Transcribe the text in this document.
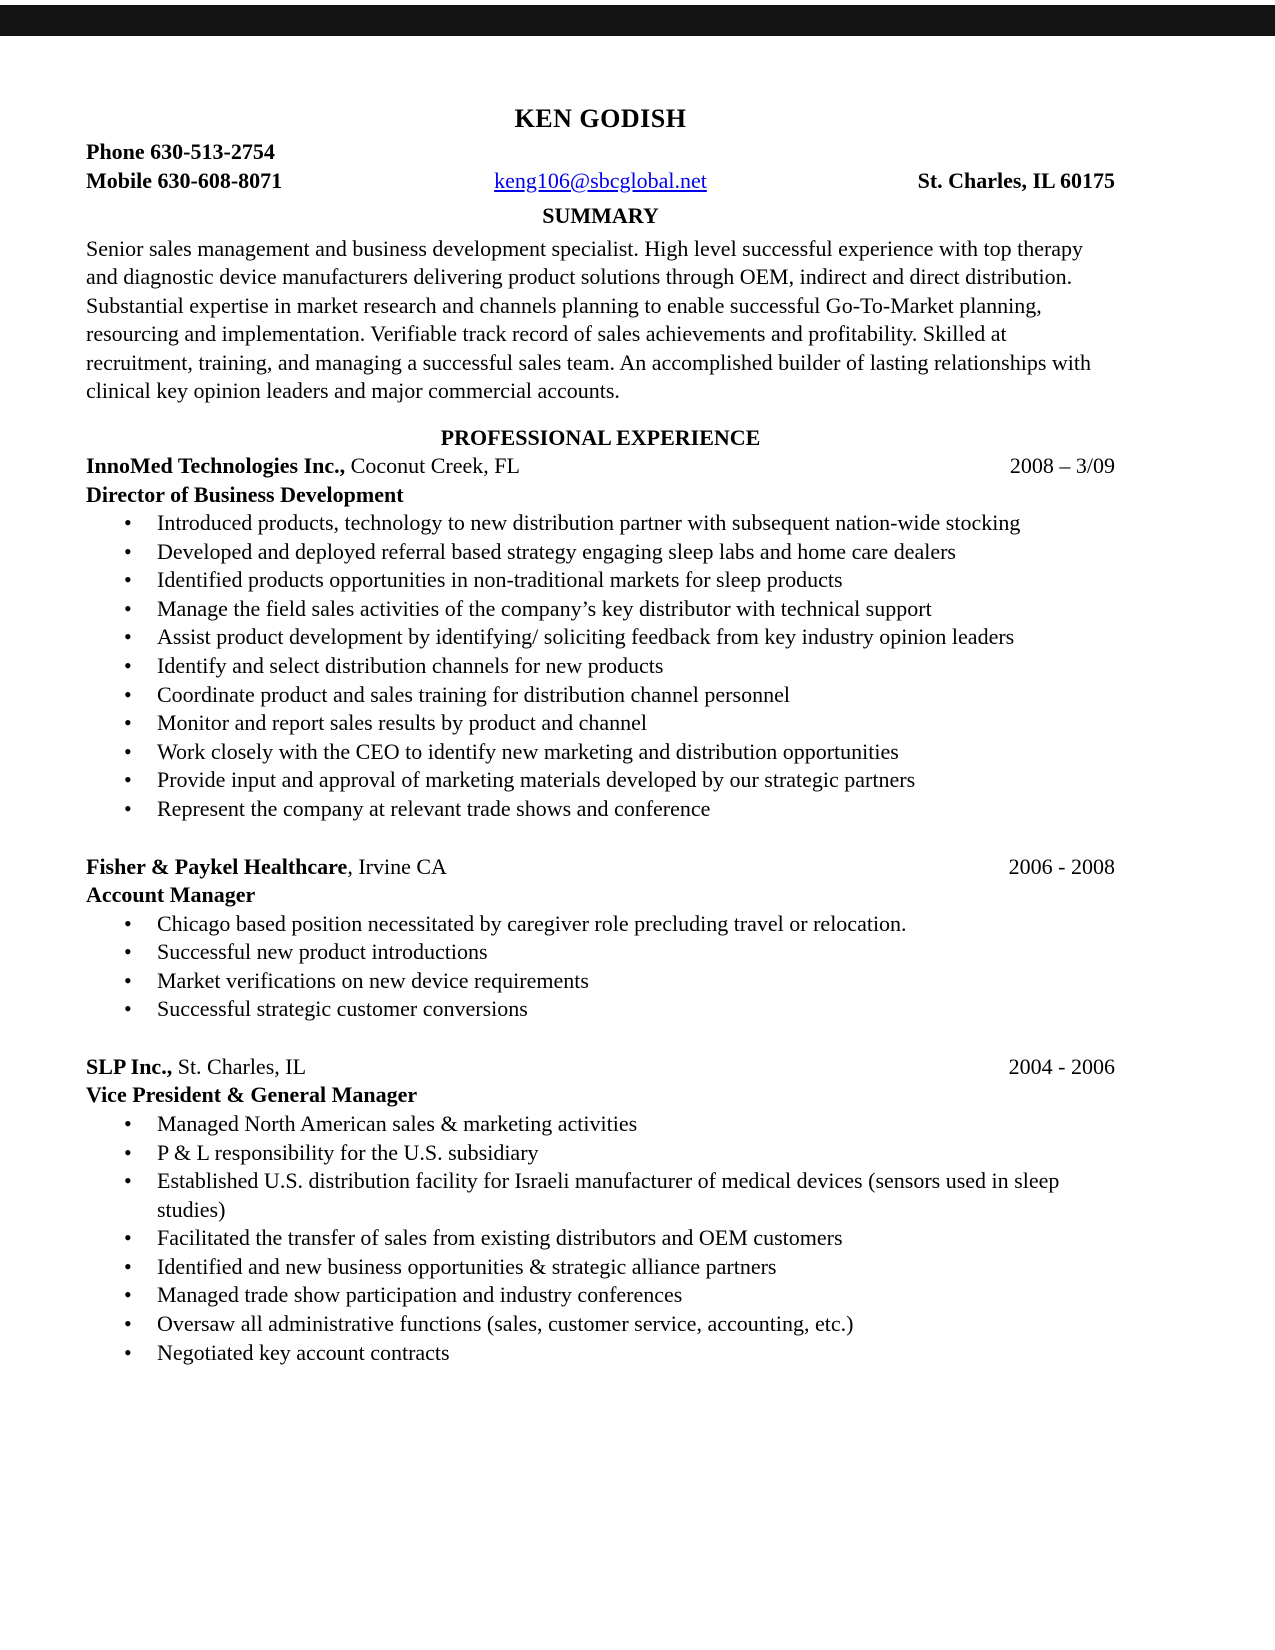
KEN GODISH
Phone 630-513-2754
Mobile 630-608-8071	keng106@sbcglobal.net	St. Charles, IL 60175
SUMMARY

Senior sales management and business development specialist. High level successful experience with top therapy and diagnostic device manufacturers delivering product solutions through OEM, indirect and direct distribution. Substantial expertise in market research and channels planning to enable successful Go-To-Market planning, resourcing and implementation. Verifiable track record of sales achievements and profitability. Skilled at recruitment, training, and managing a successful sales team. An accomplished builder of lasting relationships with clinical key opinion leaders and major commercial accounts.

PROFESSIONAL EXPERIENCE
InnoMed Technologies Inc., Coconut Creek, FL	2008 – 3/09
Director of Business Development
• Introduced products, technology to new distribution partner with subsequent nation-wide stocking
• Developed and deployed referral based strategy engaging sleep labs and home care dealers
• Identified products opportunities in non-traditional markets for sleep products
• Manage the field sales activities of the company’s key distributor with technical support
• Assist product development by identifying/ soliciting feedback from key industry opinion leaders
• Identify and select distribution channels for new products
• Coordinate product and sales training for distribution channel personnel
• Monitor and report sales results by product and channel
• Work closely with the CEO to identify new marketing and distribution opportunities
• Provide input and approval of marketing materials developed by our strategic partners
• Represent the company at relevant trade shows and conference
Fisher & Paykel Healthcare, Irvine CA	2006 - 2008
Account Manager
• Chicago based position necessitated by caregiver role precluding travel or relocation.
• Successful new product introductions
• Market verifications on new device requirements
• Successful strategic customer conversions
SLP Inc., St. Charles, IL	2004 - 2006
Vice President & General Manager
• Managed North American sales & marketing activities
• P & L responsibility for the U.S. subsidiary
• Established U.S. distribution facility for Israeli manufacturer of medical devices (sensors used in sleep studies)
• Facilitated the transfer of sales from existing distributors and OEM customers
• Identified and new business opportunities & strategic alliance partners
• Managed trade show participation and industry conferences
• Oversaw all administrative functions (sales, customer service, accounting, etc.)
• Negotiated key account contracts
